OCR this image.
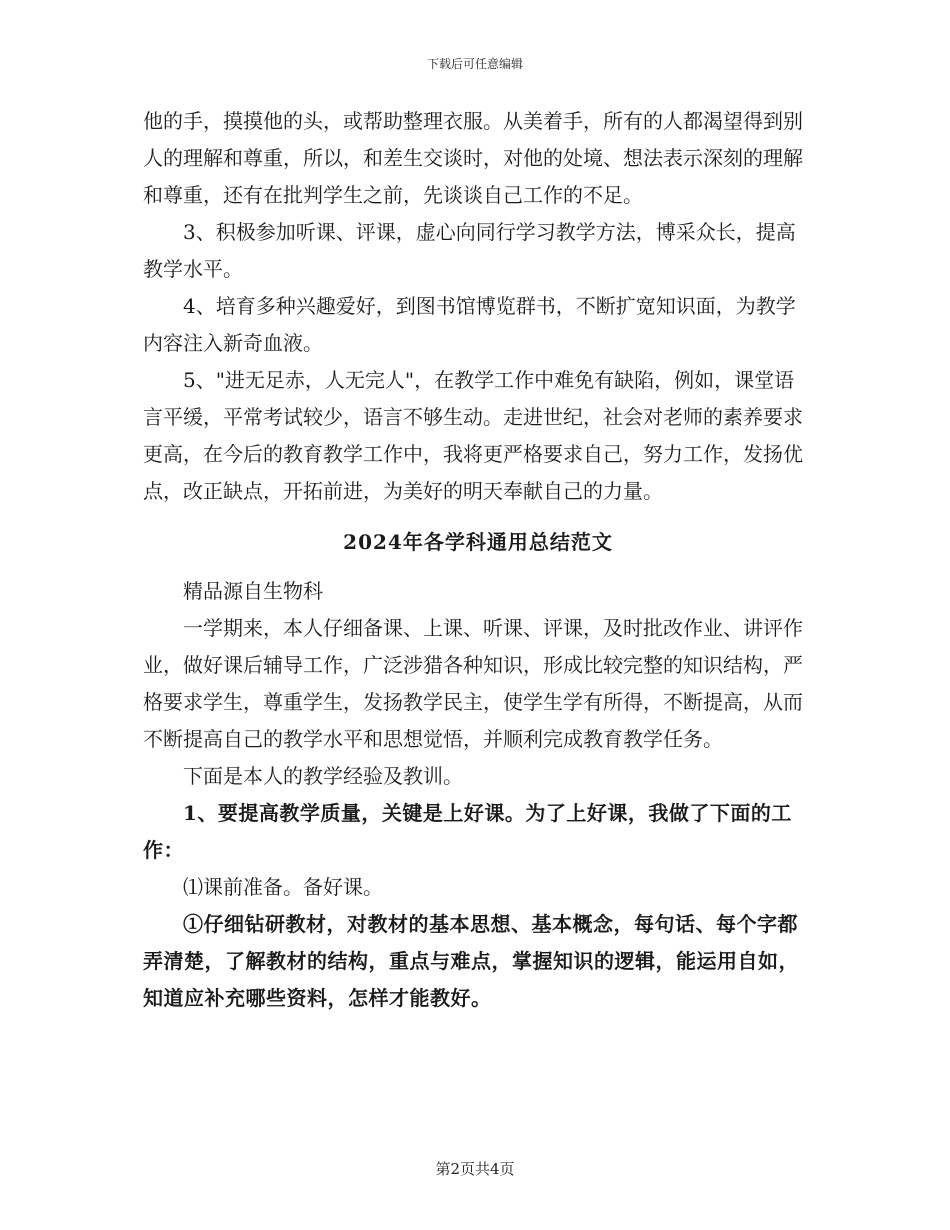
下载后可任意编辑

他的手，摸摸他的头，或帮助整理衣服。从美着手，所有的人都渴望得到别人的理解和尊重，所以，和差生交谈时，对他的处境、想法表示深刻的理解和尊重，还有在批判学生之前，先谈谈自己工作的不足。

3、积极参加听课、评课，虚心向同行学习教学方法，博采众长，提高教学水平。

4、培育多种兴趣爱好，到图书馆博览群书，不断扩宽知识面，为教学内容注入新奇血液。

5、"进无足赤，人无完人"，在教学工作中难免有缺陷，例如，课堂语言平缓，平常考试较少，语言不够生动。走进世纪，社会对老师的素养要求更高，在今后的教育教学工作中，我将更严格要求自己，努力工作，发扬优点，改正缺点，开拓前进，为美好的明天奉献自己的力量。

2024年各学科通用总结范文

精品源自生物科

一学期来，本人仔细备课、上课、听课、评课，及时批改作业、讲评作业，做好课后辅导工作，广泛涉猎各种知识，形成比较完整的知识结构，严格要求学生，尊重学生，发扬教学民主，使学生学有所得，不断提高，从而不断提高自己的教学水平和思想觉悟，并顺利完成教育教学任务。

下面是本人的教学经验及教训。

1、要提高教学质量，关键是上好课。为了上好课，我做了下面的工作：

⑴课前准备。备好课。

①仔细钻研教材，对教材的基本思想、基本概念，每句话、每个字都弄清楚，了解教材的结构，重点与难点，掌握知识的逻辑，能运用自如，知道应补充哪些资料，怎样才能教好。

第2页共4页
